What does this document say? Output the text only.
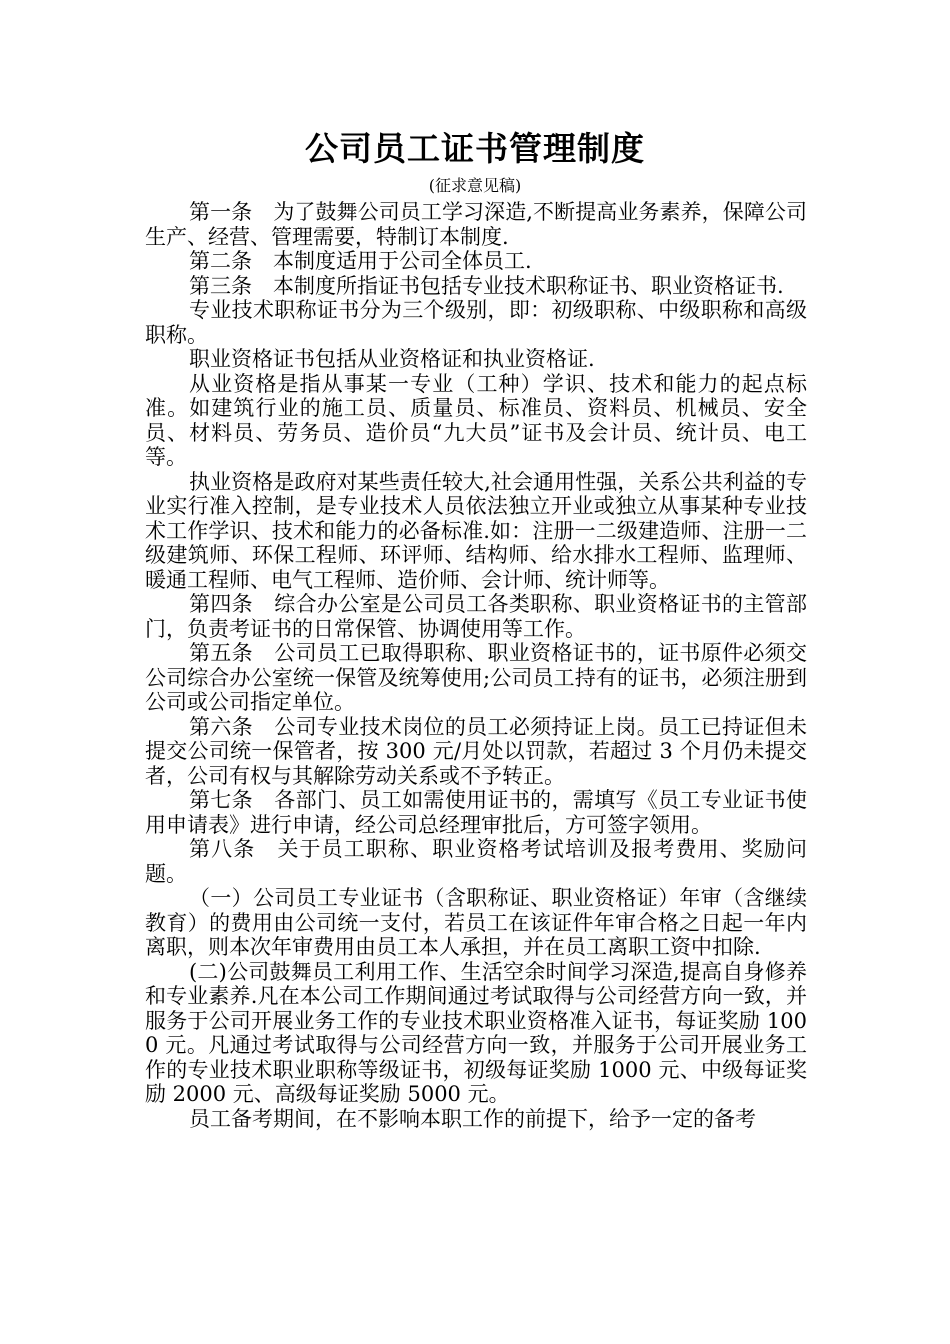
公司员工证书管理制度
(征求意见稿)

第一条　为了鼓舞公司员工学习深造,不断提高业务素养，保障公司生产、经营、管理需要，特制订本制度.

第二条　本制度适用于公司全体员工.

第三条　本制度所指证书包括专业技术职称证书、职业资格证书.

专业技术职称证书分为三个级别，即：初级职称、中级职称和高级职称。

职业资格证书包括从业资格证和执业资格证.

从业资格是指从事某一专业（工种）学识、技术和能力的起点标准。如建筑行业的施工员、质量员、标准员、资料员、机械员、安全员、材料员、劳务员、造价员“九大员”证书及会计员、统计员、电工等。

执业资格是政府对某些责任较大,社会通用性强，关系公共利益的专业实行准入控制，是专业技术人员依法独立开业或独立从事某种专业技术工作学识、技术和能力的必备标准.如：注册一二级建造师、注册一二级建筑师、环保工程师、环评师、结构师、给水排水工程师、监理师、暖通工程师、电气工程师、造价师、会计师、统计师等。

第四条　综合办公室是公司员工各类职称、职业资格证书的主管部门，负责考证书的日常保管、协调使用等工作。

第五条　公司员工已取得职称、职业资格证书的，证书原件必须交公司综合办公室统一保管及统筹使用;公司员工持有的证书，必须注册到公司或公司指定单位。

第六条　公司专业技术岗位的员工必须持证上岗。员工已持证但未提交公司统一保管者，按 300 元/月处以罚款，若超过 3 个月仍未提交者，公司有权与其解除劳动关系或不予转正。

第七条　各部门、员工如需使用证书的，需填写《员工专业证书使用申请表》进行申请，经公司总经理审批后，方可签字领用。

第八条　关于员工职称、职业资格考试培训及报考费用、奖励问题。

（一）公司员工专业证书（含职称证、职业资格证）年审（含继续教育）的费用由公司统一支付，若员工在该证件年审合格之日起一年内离职，则本次年审费用由员工本人承担，并在员工离职工资中扣除.

(二)公司鼓舞员工利用工作、生活空余时间学习深造,提高自身修养和专业素养.凡在本公司工作期间通过考试取得与公司经营方向一致，并服务于公司开展业务工作的专业技术职业资格准入证书，每证奖励 1000 元。凡通过考试取得与公司经营方向一致，并服务于公司开展业务工作的专业技术职业职称等级证书，初级每证奖励 1000 元、中级每证奖励 2000 元、高级每证奖励 5000 元。

员工备考期间，在不影响本职工作的前提下，给予一定的备考
